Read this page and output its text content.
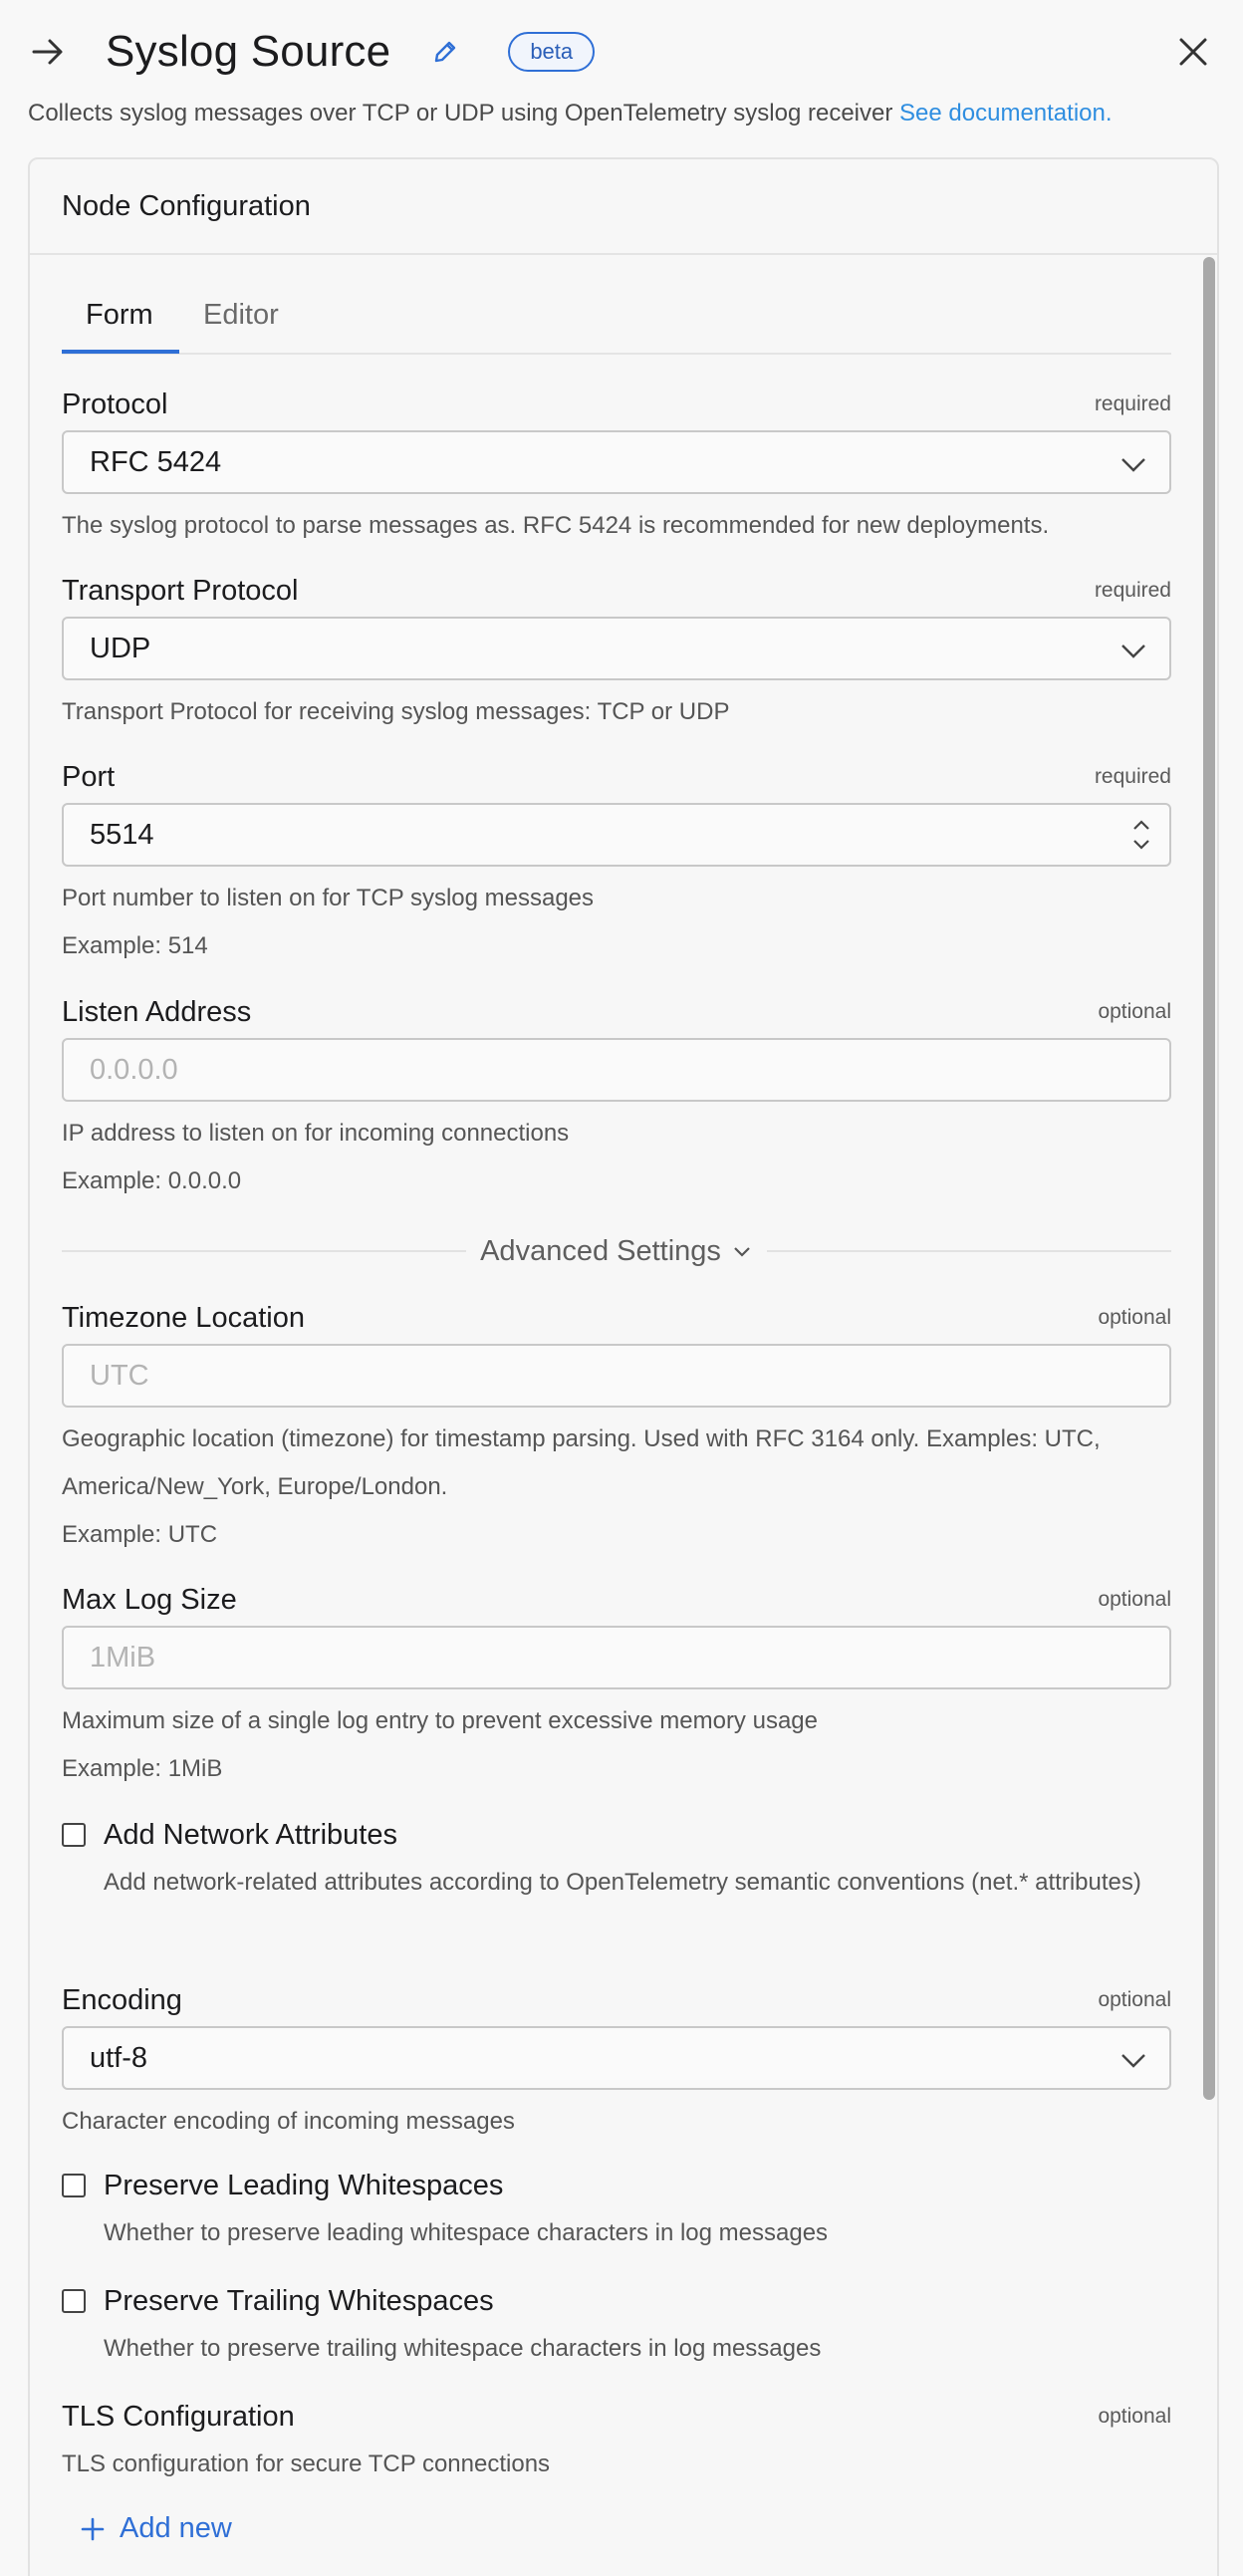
Syslog Source	beta
Collects syslog messages over TCP or UDP using OpenTelemetry syslog receiver See documentation.
Node Configuration
Form Editor
Protocol	required
RFC 5424
The syslog protocol to parse messages as. RFC 5424 is recommended for new deployments.
Transport Protocol	required
UDP
Transport Protocol for receiving syslog messages: TCP or UDP
Port	required
5514
Port number to listen on for TCP syslog messages
Example: 514
Listen Address	optional
0.0.0.0
IP address to listen on for incoming connections
Example: 0.0.0.0
Advanced Settings
Timezone Location	optional
UTC
Geographic location (timezone) for timestamp parsing. Used with RFC 3164 only. Examples: UTC, America/New_York, Europe/London.
Example: UTC
Max Log Size	optional
1MiB
Maximum size of a single log entry to prevent excessive memory usage
Example: 1MiB
Add Network Attributes
Add network-related attributes according to OpenTelemetry semantic conventions (net.* attributes)
Encoding	optional
utf-8
Character encoding of incoming messages
Preserve Leading Whitespaces
Whether to preserve leading whitespace characters in log messages
Preserve Trailing Whitespaces
Whether to preserve trailing whitespace characters in log messages
TLS Configuration	optional
TLS configuration for secure TCP connections
Add new
